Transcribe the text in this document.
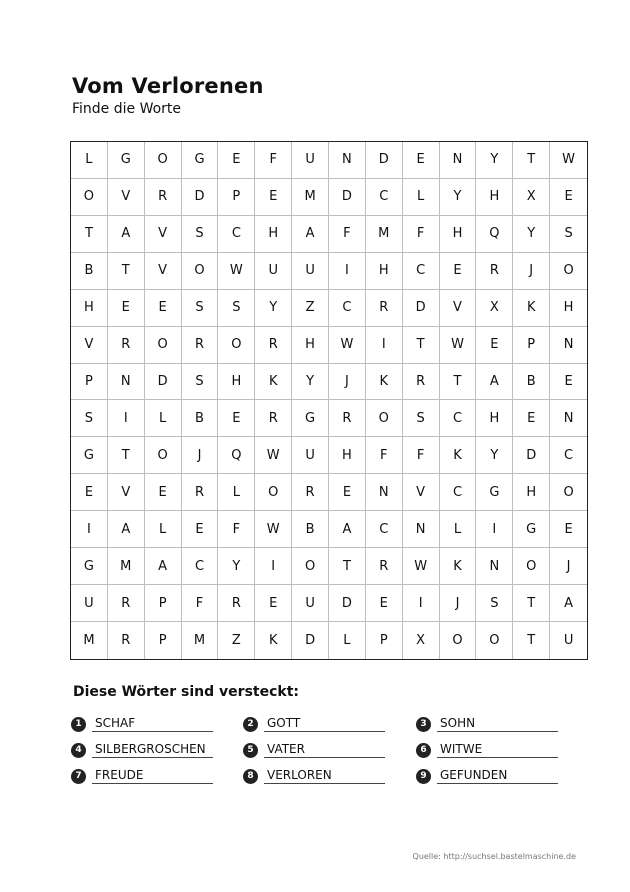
Vom Verlorenen
Finde die Worte
L	G	O	G	E	F	U	N	D	E	N	Y	T	W
O	V	R	D	P	E	M	D	C	L	Y	H	X	E
T	A	V	S	C	H	A	F	M	F	H	Q	Y	S
B	T	V	O	W	U	U	I	H	C	E	R	J	O
H	E	E	S	S	Y	Z	C	R	D	V	X	K	H
V	R	O	R	O	R	H	W	I	T	W	E	P	N
P	N	D	S	H	K	Y	J	K	R	T	A	B	E
S	I	L	B	E	R	G	R	O	S	C	H	E	N
G	T	O	J	Q	W	U	H	F	F	K	Y	D	C
E	V	E	R	L	O	R	E	N	V	C	G	H	O
I	A	L	E	F	W	B	A	C	N	L	I	G	E
G	M	A	C	Y	I	O	T	R	W	K	N	O	J
U	R	P	F	R	E	U	D	E	I	J	S	T	A
M	R	P	M	Z	K	D	L	P	X	O	O	T	U
Diese Wörter sind versteckt:
1	SCHAF	2	GOTT	3	SOHN
4	SILBERGROSCHEN	5	VATER	6	WITWE
7	FREUDE	8	VERLOREN	9	GEFUNDEN
Quelle: http://suchsel.bastelmaschine.de
